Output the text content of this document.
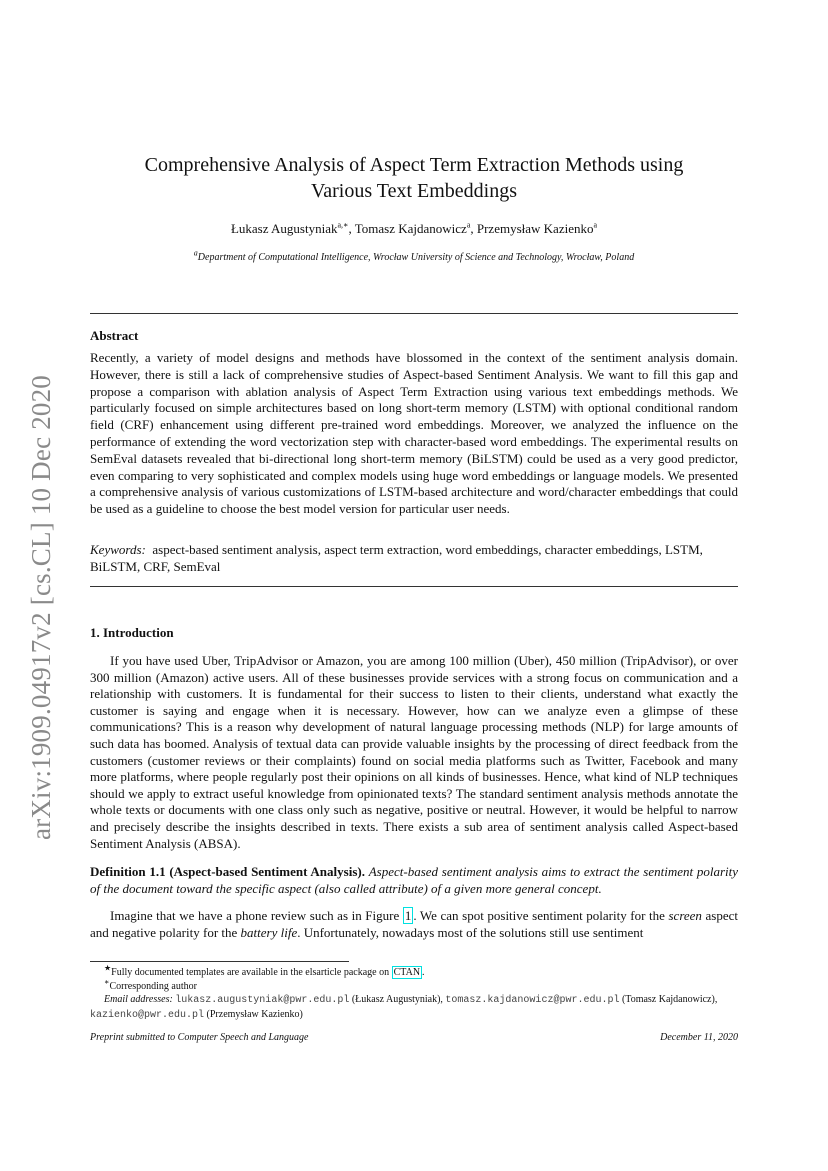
arXiv:1909.04917v2 [cs.CL] 10 Dec 2020
Comprehensive Analysis of Aspect Term Extraction Methods using
Various Text Embeddings
Łukasz Augustyniak$^{a,∗}$, Tomasz Kajdanowicz$^a$, Przemysław Kazienko$^a$
$^a$Department of Computational Intelligence, Wrocław University of Science and Technology, Wrocław, Poland
Abstract
Recently, a variety of model designs and methods have blossomed in the context of the sentiment analysis domain. However, there is still a lack of comprehensive studies of Aspect-based Sentiment Analysis. We want to fill this gap and propose a comparison with ablation analysis of Aspect Term Extraction using various text embeddings methods. We particularly focused on simple architectures based on long short-term memory (LSTM) with optional conditional random field (CRF) enhancement using different pre-trained word embeddings. Moreover, we analyzed the influence on the performance of extending the word vectorization step with character-based word embeddings. The experimental results on SemEval datasets revealed that bi-directional long short-term memory (BiLSTM) could be used as a very good predictor, even comparing to very sophisticated and complex models using huge word embeddings or language models. We presented a comprehensive analysis of various customizations of LSTM-based architecture and word/character embeddings that could be used as a guideline to choose the best model version for particular user needs.
Keywords: aspect-based sentiment analysis, aspect term extraction, word embeddings, character embeddings, LSTM, BiLSTM, CRF, SemEval
1. Introduction
If you have used Uber, TripAdvisor or Amazon, you are among 100 million (Uber), 450 million (TripAdvisor), or over 300 million (Amazon) active users. All of these businesses provide services with a strong focus on communication and a relationship with customers. It is fundamental for their success to listen to their clients, understand what exactly the customer is saying and engage when it is necessary. However, how can we analyze even a glimpse of these communications? This is a reason why development of natural language processing methods (NLP) for large amounts of such data has boomed. Analysis of textual data can provide valuable insights by the processing of direct feedback from the customers (customer reviews or their complaints) found on social media platforms such as Twitter, Facebook and many more platforms, where people regularly post their opinions on all kinds of businesses. Hence, what kind of NLP techniques should we apply to extract useful knowledge from opinionated texts? The standard sentiment analysis methods annotate the whole texts or documents with one class only such as negative, positive or neutral. However, it would be helpful to narrow and precisely describe the insights described in texts. There exists a sub area of sentiment analysis called Aspect-based Sentiment Analysis (ABSA).
Definition 1.1 (Aspect-based Sentiment Analysis). Aspect-based sentiment analysis aims to extract the sentiment polarity of the document toward the specific aspect (also called attribute) of a given more general concept.
Imagine that we have a phone review such as in Figure 1 . We can spot positive sentiment polarity for the screen aspect and negative polarity for the battery life. Unfortunately, nowadays most of the solutions still use sentiment
★Fully documented templates are available in the elsarticle package on CTAN .
∗Corresponding author
Email addresses: lukasz.augustyniak@pwr.edu.pl (Łukasz Augustyniak), tomasz.kajdanowicz@pwr.edu.pl (Tomasz Kajdanowicz), kazienko@pwr.edu.pl (Przemysław Kazienko)
Preprint submitted to Computer Speech and Language	December 11, 2020
